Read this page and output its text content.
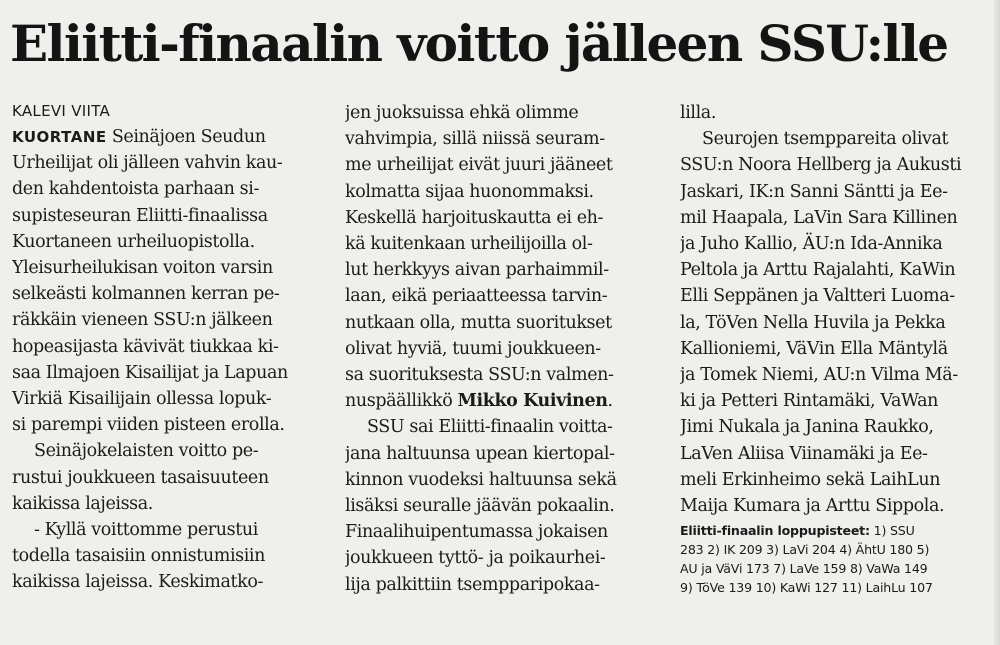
Eliitti-finaalin voitto jälleen SSU:lle
KALEVI VIITA
KUORTANE Seinäjoen Seudun
Urheilijat oli jälleen vahvin kau-
den kahdentoista parhaan si-
supisteseuran Eliitti-finaalissa
Kuortaneen urheiluopistolla.
Yleisurheilukisan voiton varsin
selkeästi kolmannen kerran pe-
räkkäin vieneen SSU:n jälkeen
hopeasijasta kävivät tiukkaa ki-
saa Ilmajoen Kisailijat ja Lapuan
Virkiä Kisailijain ollessa lopuk-
si parempi viiden pisteen erolla.
Seinäjokelaisten voitto pe-
rustui joukkueen tasaisuuteen
kaikissa lajeissa.
- Kyllä voittomme perustui
todella tasaisiin onnistumisiin
kaikissa lajeissa. Keskimatko-
jen juoksuissa ehkä olimme
vahvimpia, sillä niissä seuram-
me urheilijat eivät juuri jääneet
kolmatta sijaa huonommaksi.
Keskellä harjoituskautta ei eh-
kä kuitenkaan urheilijoilla ol-
lut herkkyys aivan parhaimmil-
laan, eikä periaatteessa tarvin-
nutkaan olla, mutta suoritukset
olivat hyviä, tuumi joukkueen-
sa suorituksesta SSU:n valmen-
nuspäällikkö Mikko Kuivinen.
SSU sai Eliitti-finaalin voitta-
jana haltuunsa upean kiertopal-
kinnon vuodeksi haltuunsa sekä
lisäksi seuralle jäävän pokaalin.
Finaalihuipentumassa jokaisen
joukkueen tyttö- ja poikaurhei-
lija palkittiin tsempparipokaa-
lilla.
Seurojen tsemppareita olivat
SSU:n Noora Hellberg ja Aukusti
Jaskari, IK:n Sanni Säntti ja Ee-
mil Haapala, LaVin Sara Killinen
ja Juho Kallio, ÄU:n Ida-Annika
Peltola ja Arttu Rajalahti, KaWin
Elli Seppänen ja Valtteri Luoma-
la, TöVen Nella Huvila ja Pekka
Kallioniemi, VäVin Ella Mäntylä
ja Tomek Niemi, AU:n Vilma Mä-
ki ja Petteri Rintamäki, VaWan
Jimi Nukala ja Janina Raukko,
LaVen Aliisa Viinamäki ja Ee-
meli Erkinheimo sekä LaihLun
Maija Kumara ja Arttu Sippola.
Eliitti-finaalin loppupisteet: 1) SSU
283 2) IK 209 3) LaVi 204 4) ÄhtU 180 5)
AU ja VäVi 173 7) LaVe 159 8) VaWa 149
9) TöVe 139 10) KaWi 127 11) LaihLu 107
